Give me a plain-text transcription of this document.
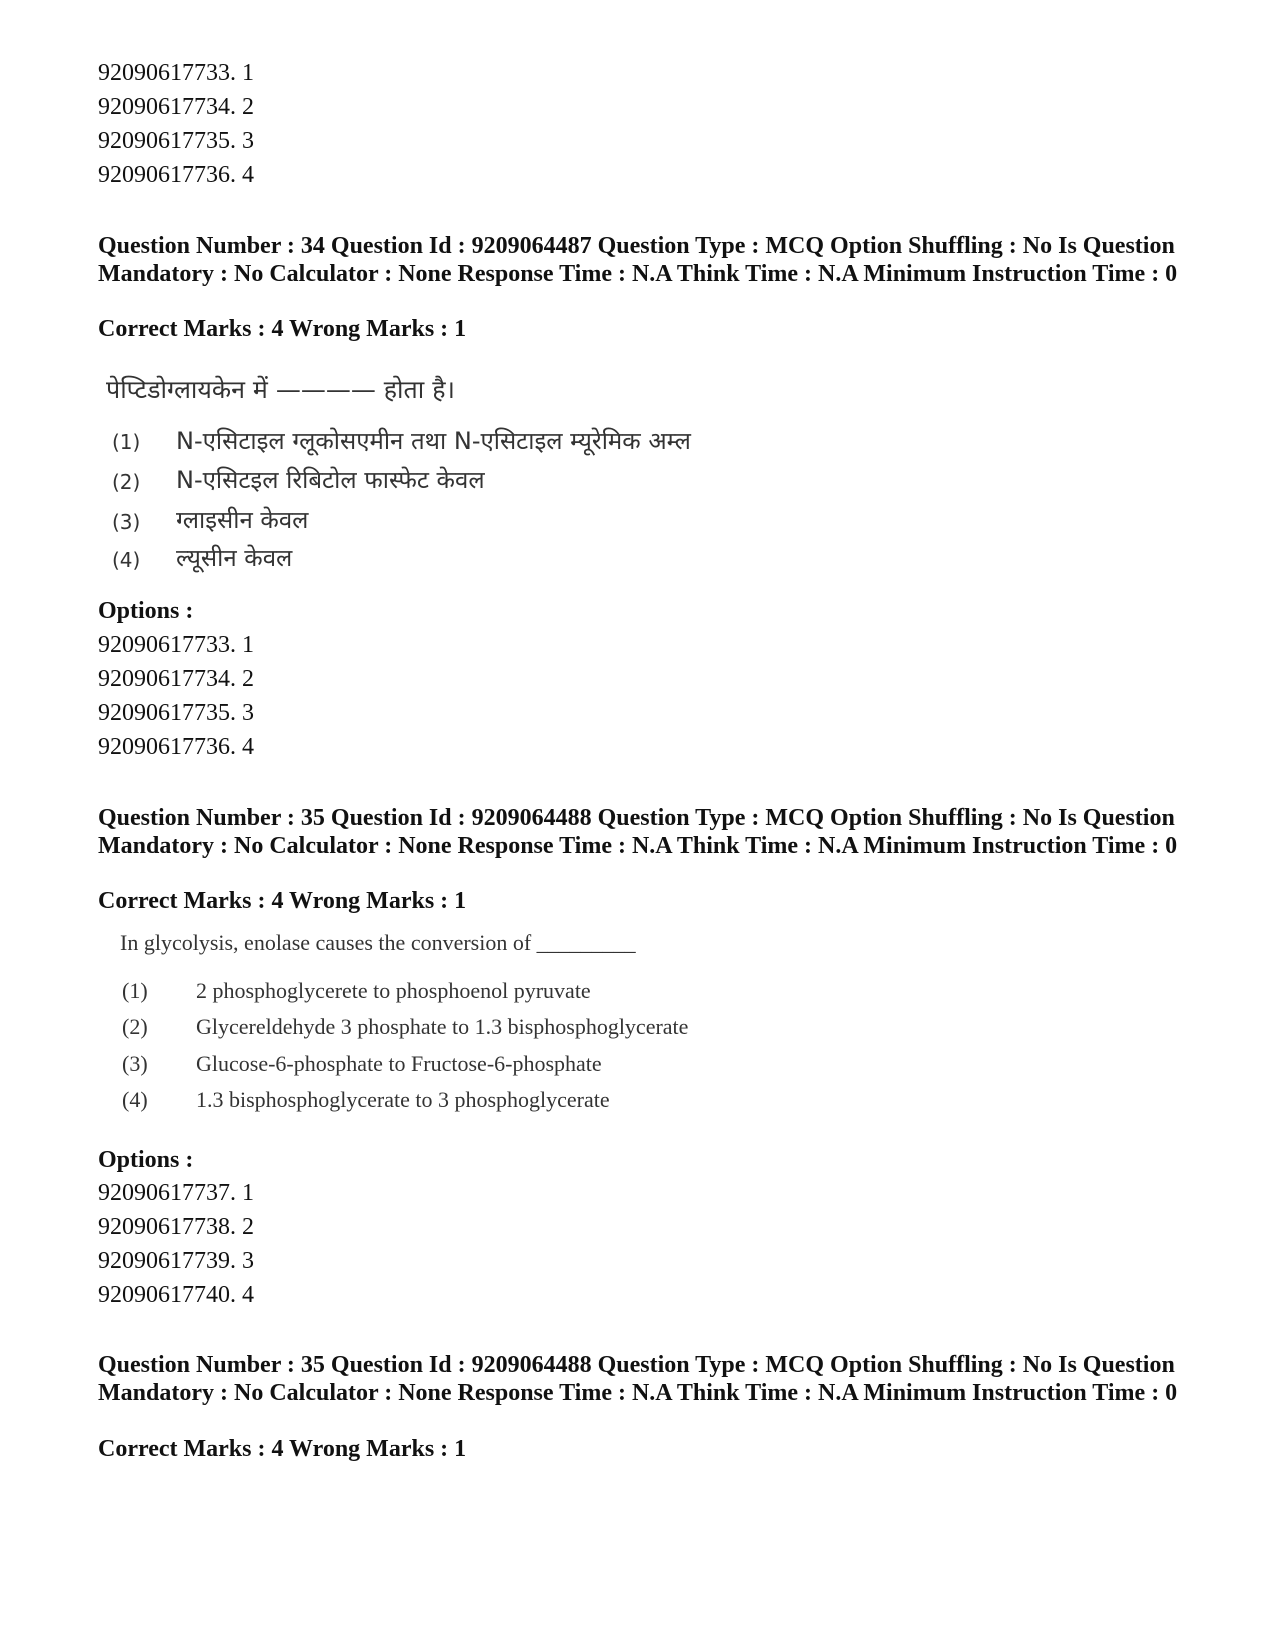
92090617733. 1
92090617734. 2
92090617735. 3
92090617736. 4
Question Number : 34 Question Id : 9209064487 Question Type : MCQ Option Shuffling : No Is Question Mandatory : No Calculator : None Response Time : N.A Think Time : N.A Minimum Instruction Time : 0
Correct Marks : 4 Wrong Marks : 1
पेप्टिडोग्लायकेन में ———— होता है।
(1) N-एसिटाइल ग्लूकोसएमीन तथा N-एसिटाइल म्यूरेमिक अम्ल
(2) N-एसिटइल रिबिटोल फास्फेट केवल
(3) ग्लाइसीन केवल
(4) ल्यूसीन केवल
Options :
92090617733. 1
92090617734. 2
92090617735. 3
92090617736. 4
Question Number : 35 Question Id : 9209064488 Question Type : MCQ Option Shuffling : No Is Question Mandatory : No Calculator : None Response Time : N.A Think Time : N.A Minimum Instruction Time : 0
Correct Marks : 4 Wrong Marks : 1
In glycolysis, enolase causes the conversion of _________
(1) 2 phosphoglycerete to phosphoenol pyruvate
(2) Glycereldehyde 3 phosphate to 1.3 bisphosphoglycerate
(3) Glucose-6-phosphate to Fructose-6-phosphate
(4) 1.3 bisphosphoglycerate to 3 phosphoglycerate
Options :
92090617737. 1
92090617738. 2
92090617739. 3
92090617740. 4
Question Number : 35 Question Id : 9209064488 Question Type : MCQ Option Shuffling : No Is Question Mandatory : No Calculator : None Response Time : N.A Think Time : N.A Minimum Instruction Time : 0
Correct Marks : 4 Wrong Marks : 1
